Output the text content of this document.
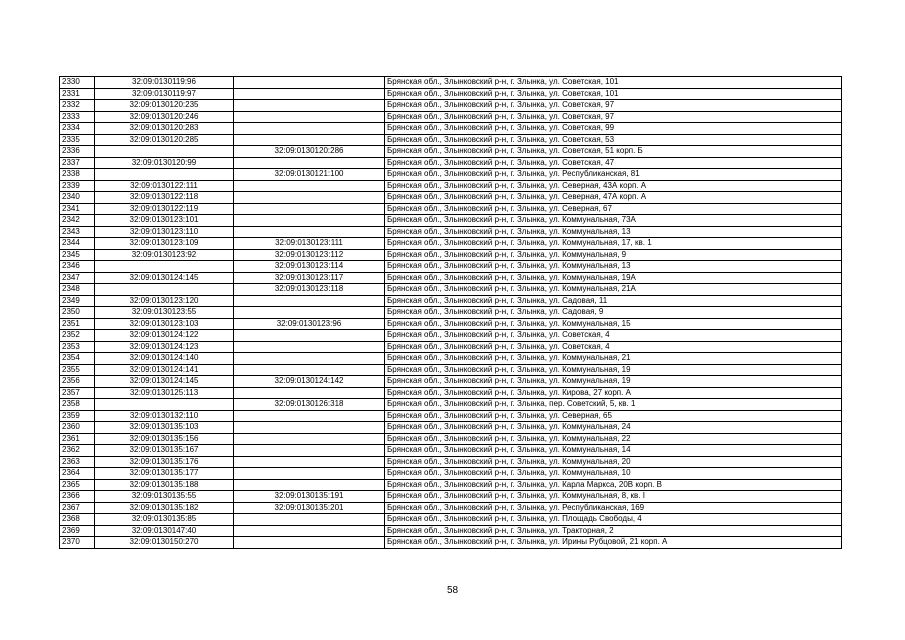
2330	32:09:0130119:96		Брянская обл., Злынковский р-н, г. Злынка, ул. Советская, 101
2331	32:09:0130119:97		Брянская обл., Злынковский р-н, г. Злынка, ул. Советская, 101
2332	32:09:0130120:235		Брянская обл., Злынковский р-н, г. Злынка, ул. Советская, 97
2333	32:09:0130120:246		Брянская обл., Злынковский р-н, г. Злынка, ул. Советская, 97
2334	32:09:0130120:283		Брянская обл., Злынковский р-н, г. Злынка, ул. Советская, 99
2335	32:09:0130120:285		Брянская обл., Злынковский р-н, г. Злынка, ул. Советская, 53
2336		32:09:0130120:286	Брянская обл., Злынковский р-н, г. Злынка, ул. Советская, 51 корп. Б
2337	32:09:0130120:99		Брянская обл., Злынковский р-н, г. Злынка, ул. Советская, 47
2338		32:09:0130121:100	Брянская обл., Злынковский р-н, г. Злынка, ул. Республиканская, 81
2339	32:09:0130122:111		Брянская обл., Злынковский р-н, г. Злынка, ул. Северная, 43А корп. А
2340	32:09:0130122:118		Брянская обл., Злынковский р-н, г. Злынка, ул. Северная, 47А корп. А
2341	32:09:0130122:119		Брянская обл., Злынковский р-н, г. Злынка, ул. Северная, 67
2342	32:09:0130123:101		Брянская обл., Злынковский р-н, г. Злынка, ул. Коммунальная, 73А
2343	32:09:0130123:110		Брянская обл., Злынковский р-н, г. Злынка, ул. Коммунальная, 13
2344	32:09:0130123:109	32:09:0130123:111	Брянская обл., Злынковский р-н, г. Злынка, ул. Коммунальная, 17, кв. 1
2345	32:09:0130123:92	32:09:0130123:112	Брянская обл., Злынковский р-н, г. Злынка, ул. Коммунальная, 9
2346		32:09:0130123:114	Брянская обл., Злынковский р-н, г. Злынка, ул. Коммунальная, 13
2347	32:09:0130124:145	32:09:0130123:117	Брянская обл., Злынковский р-н, г. Злынка, ул. Коммунальная, 19А
2348		32:09:0130123:118	Брянская обл., Злынковский р-н, г. Злынка, ул. Коммунальная, 21А
2349	32:09:0130123:120		Брянская обл., Злынковский р-н, г. Злынка, ул. Садовая, 11
2350	32:09:0130123:55		Брянская обл., Злынковский р-н, г. Злынка, ул. Садовая, 9
2351	32:09:0130123:103	32:09:0130123:96	Брянская обл., Злынковский р-н, г. Злынка, ул. Коммунальная, 15
2352	32:09:0130124:122		Брянская обл., Злынковский р-н, г. Злынка, ул. Советская, 4
2353	32:09:0130124:123		Брянская обл., Злынковский р-н, г. Злынка, ул. Советская, 4
2354	32:09:0130124:140		Брянская обл., Злынковский р-н, г. Злынка, ул. Коммунальная, 21
2355	32:09:0130124:141		Брянская обл., Злынковский р-н, г. Злынка, ул. Коммунальная, 19
2356	32:09:0130124:145	32:09:0130124:142	Брянская обл., Злынковский р-н, г. Злынка, ул. Коммунальная, 19
2357	32:09:0130125:113		Брянская обл., Злынковский р-н, г. Злынка, ул. Кирова, 27 корп. А
2358		32:09:0130126:318	Брянская обл., Злынковский р-н, г. Злынка, пер. Советский, 5, кв. 1
2359	32:09:0130132:110		Брянская обл., Злынковский р-н, г. Злынка, ул. Северная, 65
2360	32:09:0130135:103		Брянская обл., Злынковский р-н, г. Злынка, ул. Коммунальная, 24
2361	32:09:0130135:156		Брянская обл., Злынковский р-н, г. Злынка, ул. Коммунальная, 22
2362	32:09:0130135:167		Брянская обл., Злынковский р-н, г. Злынка, ул. Коммунальная, 14
2363	32:09:0130135:176		Брянская обл., Злынковский р-н, г. Злынка, ул. Коммунальная, 20
2364	32:09:0130135:177		Брянская обл., Злынковский р-н, г. Злынка, ул. Коммунальная, 10
2365	32:09:0130135:188		Брянская обл., Злынковский р-н, г. Злынка, ул. Карла Маркса, 20В корп. В
2366	32:09:0130135:55	32:09:0130135:191	Брянская обл., Злынковский р-н, г. Злынка, ул. Коммунальная, 8, кв. I
2367	32:09:0130135:182	32:09:0130135:201	Брянская обл., Злынковский р-н, г. Злынка, ул. Республиканская, 169
2368	32:09:0130135:85		Брянская обл., Злынковский р-н, г. Злынка, ул. Площадь Свободы, 4
2369	32:09:0130147:40		Брянская обл., Злынковский р-н, г. Злынка, ул. Тракторная, 2
2370	32:09:0130150:270		Брянская обл., Злынковский р-н, г. Злынка, ул. Ирины Рубцовой, 21 корп. А
58
